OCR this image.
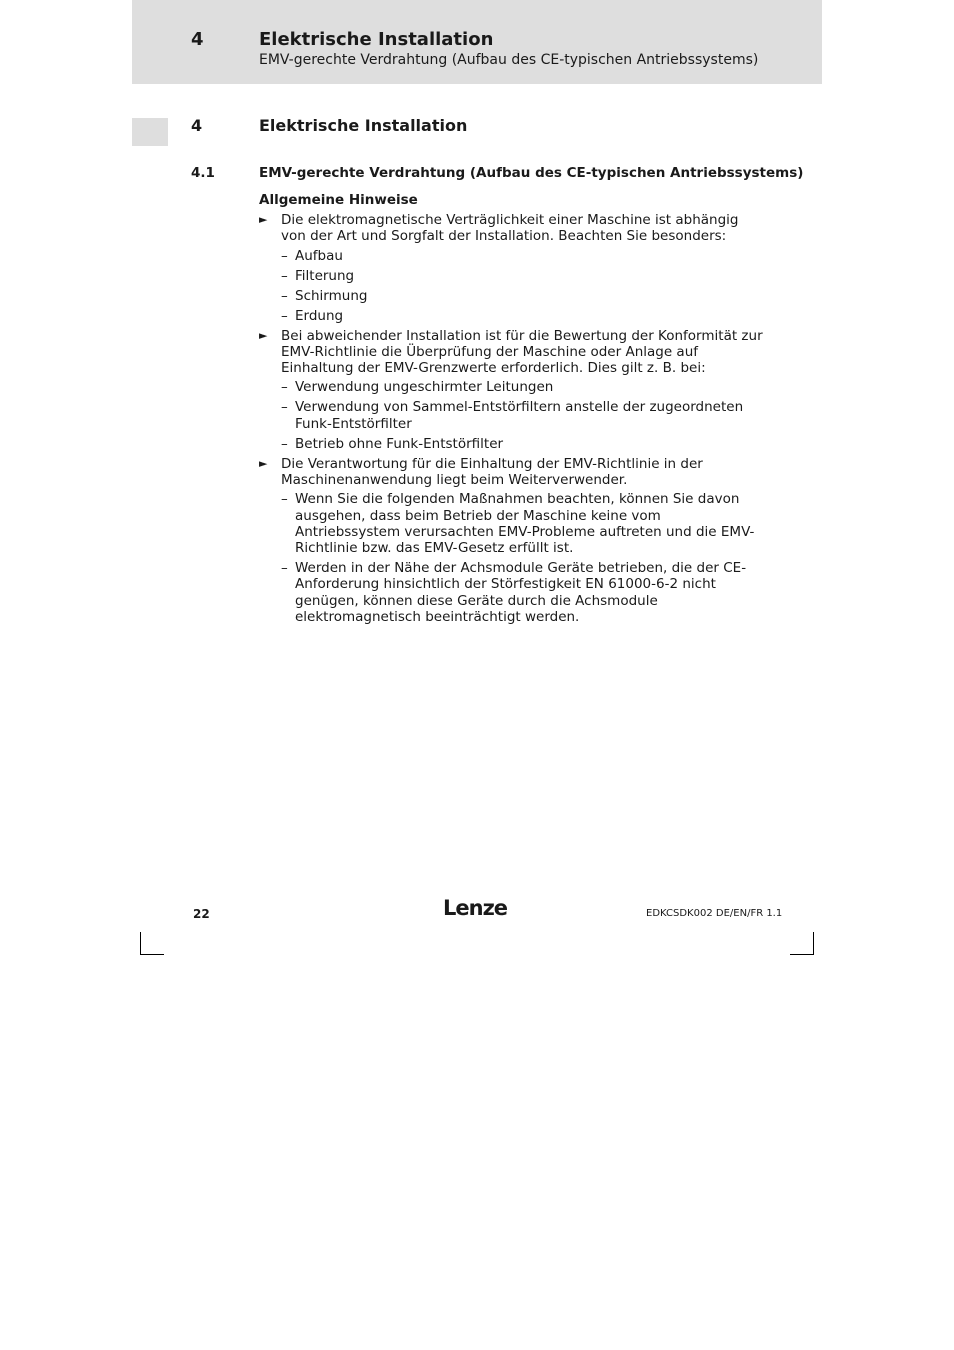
4	Elektrische Installation
EMV-gerechte Verdrahtung (Aufbau des CE-typischen Antriebssystems)
4	Elektrische Installation
4.1	EMV-gerechte Verdrahtung (Aufbau des CE-typischen Antriebssystems)
Allgemeine Hinweise
► Die elektromagnetische Verträglichkeit einer Maschine ist abhängig von der Art und Sorgfalt der Installation. Beachten Sie besonders:
– Aufbau
– Filterung
– Schirmung
– Erdung
► Bei abweichender Installation ist für die Bewertung der Konformität zur EMV-Richtlinie die Überprüfung der Maschine oder Anlage auf Einhaltung der EMV-Grenzwerte erforderlich. Dies gilt z. B. bei:
– Verwendung ungeschirmter Leitungen
– Verwendung von Sammel-Entstörfiltern anstelle der zugeordneten Funk-Entstörfilter
– Betrieb ohne Funk-Entstörfilter
► Die Verantwortung für die Einhaltung der EMV-Richtlinie in der Maschinenanwendung liegt beim Weiterverwender.
– Wenn Sie die folgenden Maßnahmen beachten, können Sie davon ausgehen, dass beim Betrieb der Maschine keine vom Antriebssystem verursachten EMV-Probleme auftreten und die EMV-Richtlinie bzw. das EMV-Gesetz erfüllt ist.
– Werden in der Nähe der Achsmodule Geräte betrieben, die der CE-Anforderung hinsichtlich der Störfestigkeit EN 61000-6-2 nicht genügen, können diese Geräte durch die Achsmodule elektromagnetisch beeinträchtigt werden.
22	Lenze	EDKCSDK002 DE/EN/FR 1.1
